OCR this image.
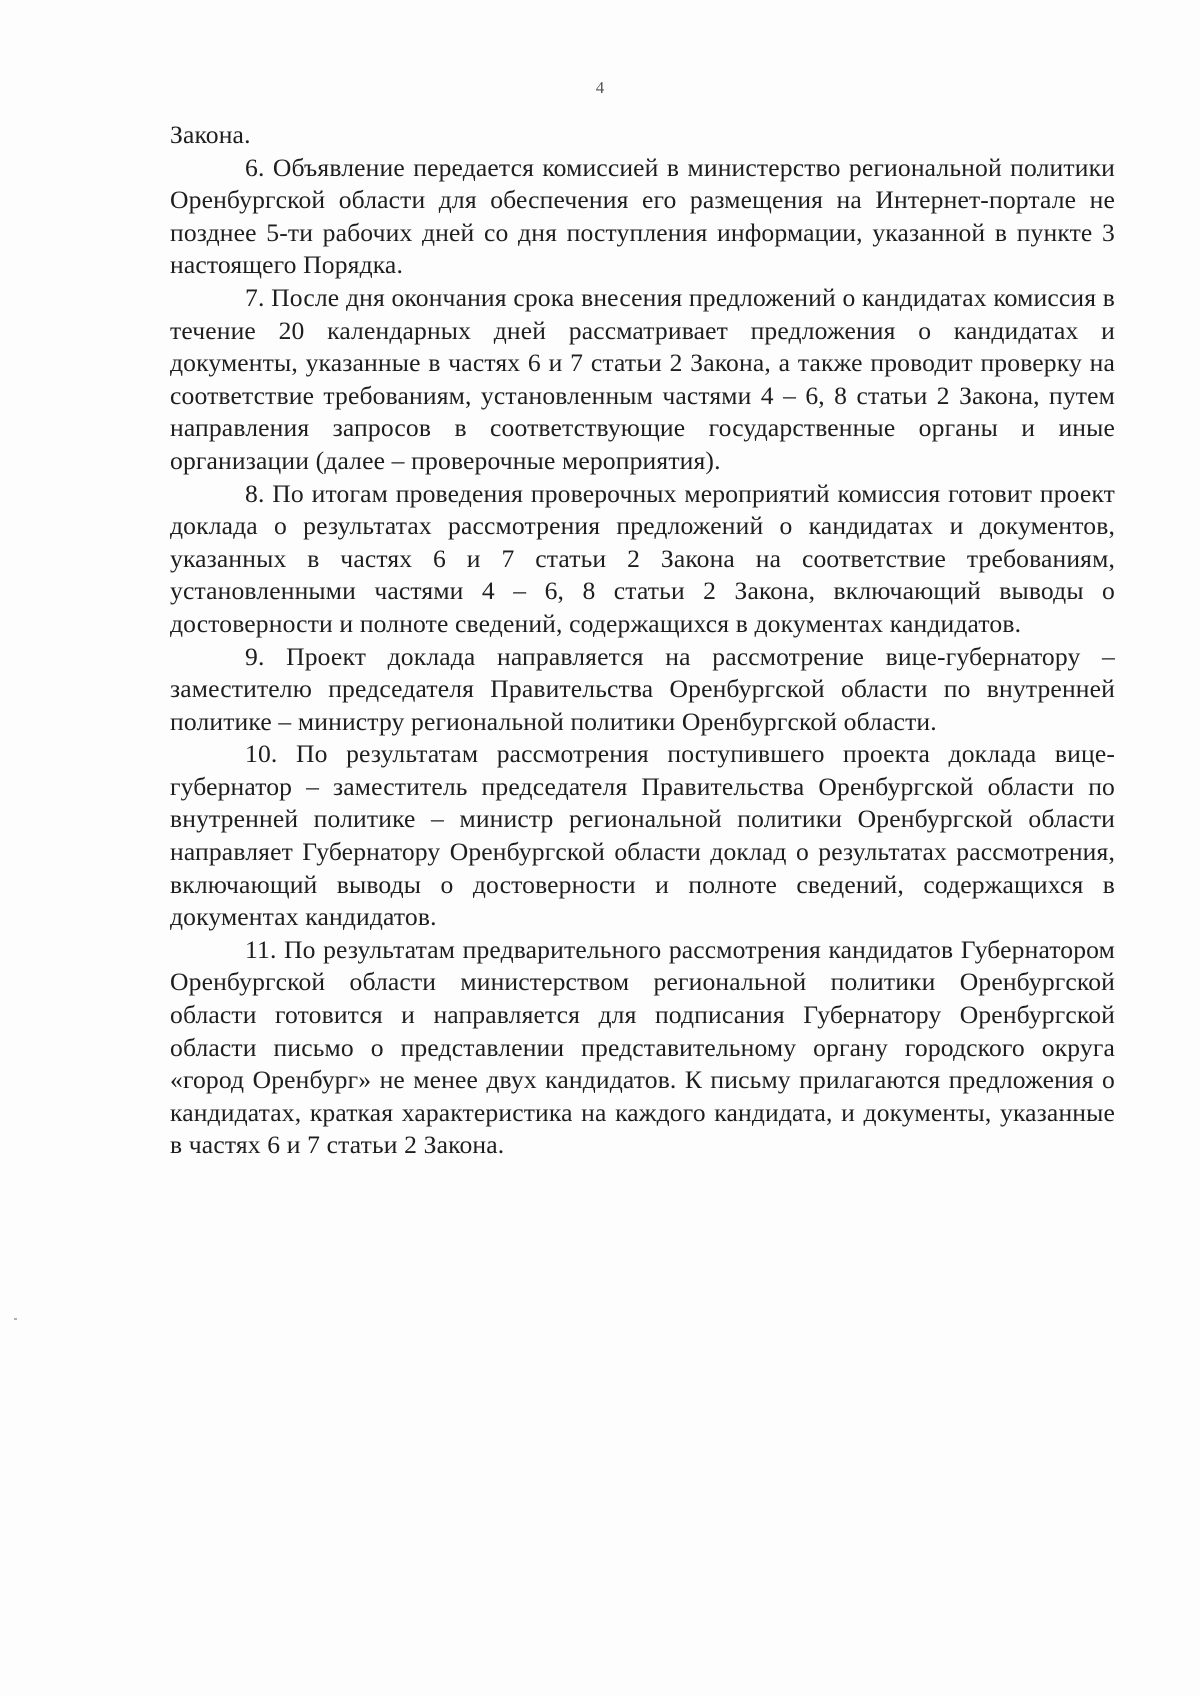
4

Закона.

6. Объявление передается комиссией в министерство региональной политики Оренбургской области для обеспечения его размещения на Интернет-портале не позднее 5-ти рабочих дней со дня поступления информации, указанной в пункте 3 настоящего Порядка.

7. После дня окончания срока внесения предложений о кандидатах комиссия в течение 20 календарных дней рассматривает предложения о кандидатах и документы, указанные в частях 6 и 7 статьи 2 Закона, а также проводит проверку на соответствие требованиям, установленным частями 4 – 6, 8 статьи 2 Закона, путем направления запросов в соответствующие государственные органы и иные организации (далее – проверочные мероприятия).

8. По итогам проведения проверочных мероприятий комиссия готовит проект доклада о результатах рассмотрения предложений о кандидатах и документов, указанных в частях 6 и 7 статьи 2 Закона на соответствие требованиям, установленными частями 4 – 6, 8 статьи 2 Закона, включающий выводы о достоверности и полноте сведений, содержащихся в документах кандидатов.

9. Проект доклада направляется на рассмотрение вице-губернатору – заместителю председателя Правительства Оренбургской области по внутренней политике – министру региональной политики Оренбургской области.

10. По результатам рассмотрения поступившего проекта доклада вице-губернатор – заместитель председателя Правительства Оренбургской области по внутренней политике – министр региональной политики Оренбургской области направляет Губернатору Оренбургской области доклад о результатах рассмотрения, включающий выводы о достоверности и полноте сведений, содержащихся в документах кандидатов.

11. По результатам предварительного рассмотрения кандидатов Губернатором Оренбургской области министерством региональной политики Оренбургской области готовится и направляется для подписания Губернатору Оренбургской области письмо о представлении представительному органу городского округа «город Оренбург» не менее двух кандидатов. К письму прилагаются предложения о кандидатах, краткая характеристика на каждого кандидата, и документы, указанные в частях 6 и 7 статьи 2 Закона.
